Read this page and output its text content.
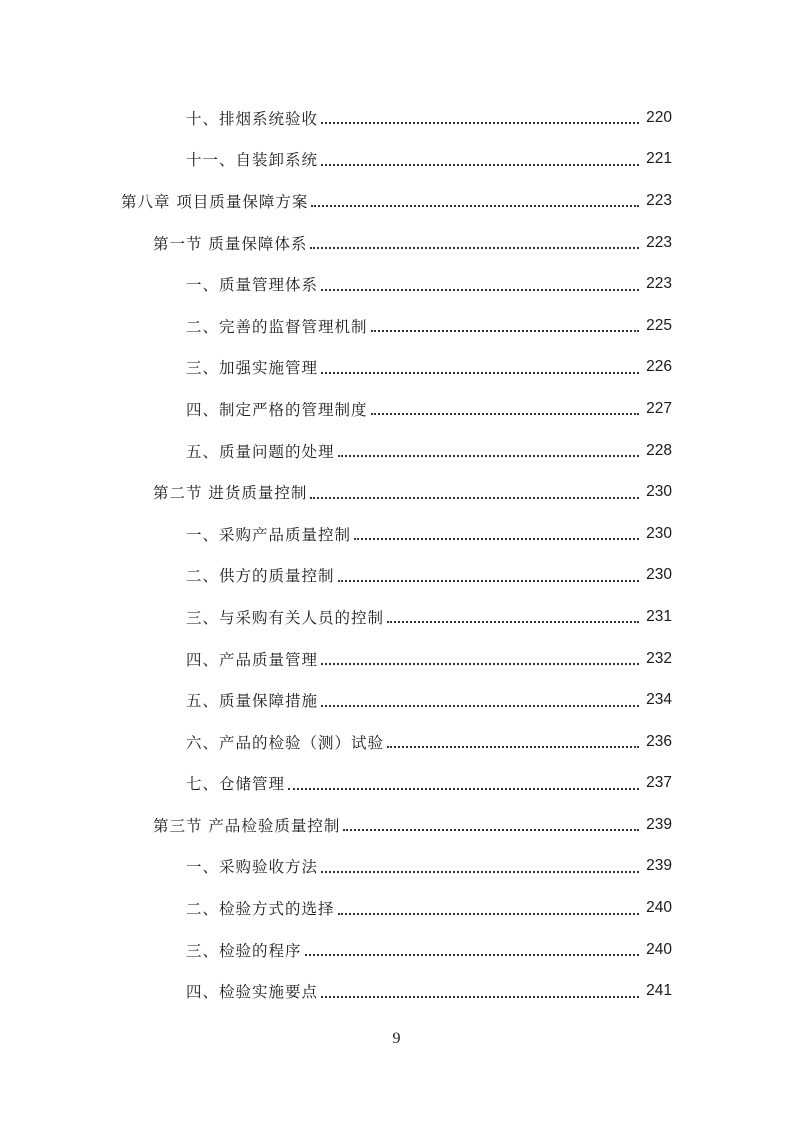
十、排烟系统验收	220
十一、自装卸系统	221
第八章 项目质量保障方案	223
第一节 质量保障体系	223
一、质量管理体系	223
二、完善的监督管理机制	225
三、加强实施管理	226
四、制定严格的管理制度	227
五、质量问题的处理	228
第二节 进货质量控制	230
一、采购产品质量控制	230
二、供方的质量控制	230
三、与采购有关人员的控制	231
四、产品质量管理	232
五、质量保障措施	234
六、产品的检验（测）试验	236
七、仓储管理	237
第三节 产品检验质量控制	239
一、采购验收方法	239
二、检验方式的选择	240
三、检验的程序	240
四、检验实施要点	241
9
